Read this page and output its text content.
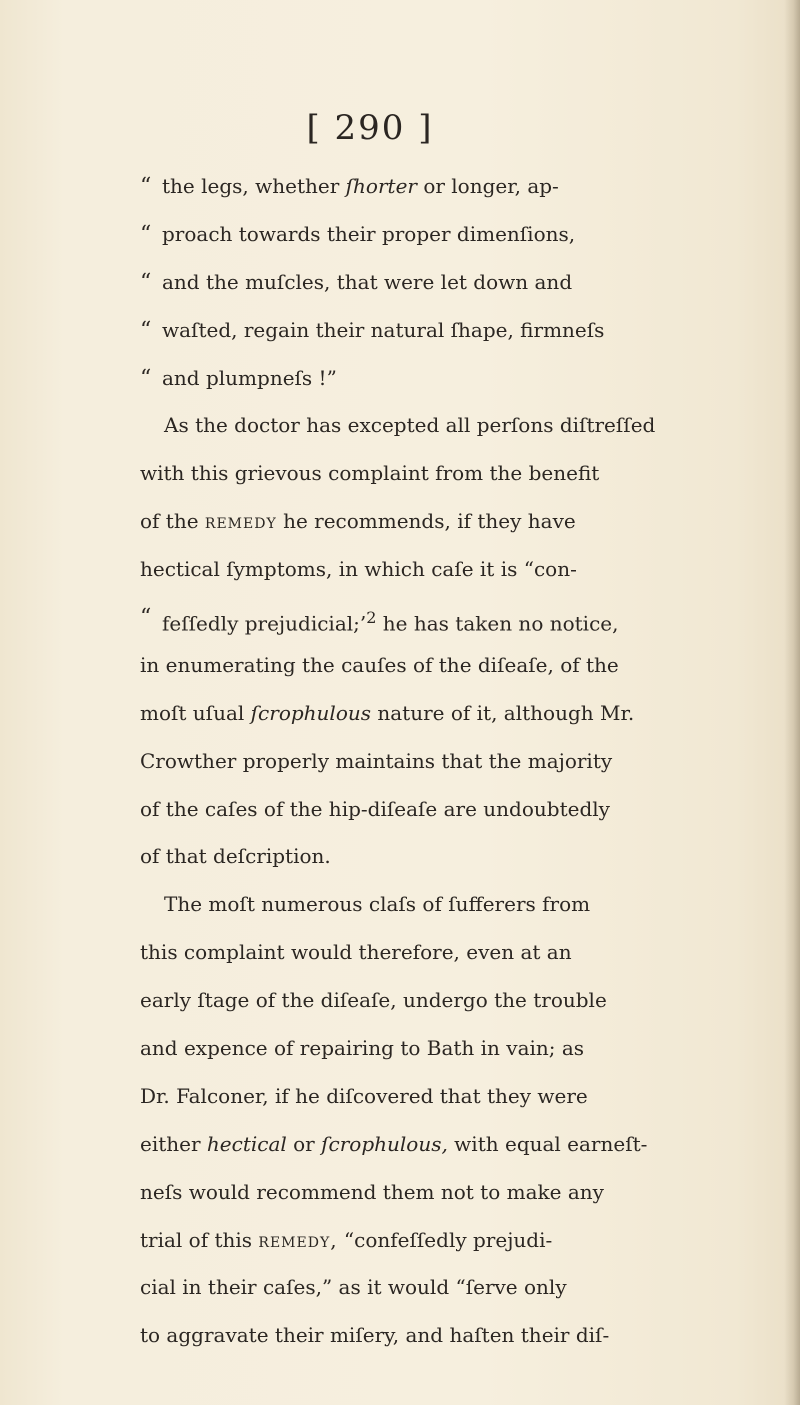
[ 290 ]
“ the legs, whether ſhorter or longer, ap-
“ proach towards their proper dimenſions,
“ and the muſcles, that were let down and
“ waſted, regain their natural ſhape, firmneſs
“ and plumpneſs !”
As the doctor has excepted all perſons diſtreſſed
with this grievous complaint from the benefit
of the remedy he recommends, if they have
hectical ſymptoms, in which caſe it is “con-
“ feſſedly prejudicial;’$^2$ he has taken no notice,
in enumerating the cauſes of the diſeaſe, of the
moſt uſual ſcrophulous nature of it, although Mr.
Crowther properly maintains that the majority
of the caſes of the hip-diſeaſe are undoubtedly
of that deſcription.
The moſt numerous claſs of ſufferers from
this complaint would therefore, even at an
early ſtage of the diſeaſe, undergo the trouble
and expence of repairing to Bath in vain; as
Dr. Falconer, if he diſcovered that they were
either hectical or ſcrophulous, with equal earneſt-
neſs would recommend them not to make any
trial of this remedy, “confeſſedly prejudi-
cial in their caſes,” as it would “ſerve only
to aggravate their miſery, and haſten their diſ-
